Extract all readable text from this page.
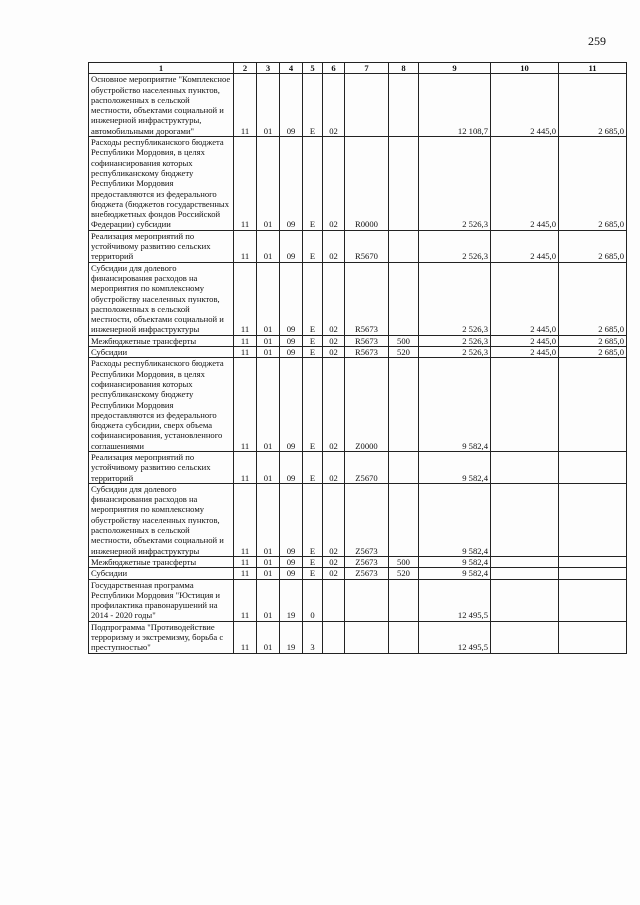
259
1	2	3	4	5	6	7	8	9	10	11
Основное мероприятие "Комплексное обустройство населенных пунктов, расположенных в сельской местности, объектами социальной и инженерной инфраструктуры, автомобильными дорогами"	11	01	09	Е	02			12 108,7	2 445,0	2 685,0
Расходы республиканского бюджета Республики Мордовия, в целях софинансирования которых республиканскому бюджету Республики Мордовия предоставляются из федерального бюджета (бюджетов государственных внебюджетных фондов Российской Федерации) субсидии	11	01	09	Е	02	R0000		2 526,3	2 445,0	2 685,0
Реализация мероприятий по устойчивому развитию сельских территорий	11	01	09	Е	02	R5670		2 526,3	2 445,0	2 685,0
Субсидии для долевого финансирования расходов на мероприятия по комплексному обустройству населенных пунктов, расположенных в сельской местности, объектами социальной и инженерной инфраструктуры	11	01	09	Е	02	R5673		2 526,3	2 445,0	2 685,0
Межбюджетные трансферты	11	01	09	Е	02	R5673	500	2 526,3	2 445,0	2 685,0
Субсидии	11	01	09	Е	02	R5673	520	2 526,3	2 445,0	2 685,0
Расходы республиканского бюджета Республики Мордовия, в целях софинансирования которых республиканскому бюджету Республики Мордовия предоставляются из федерального бюджета субсидии, сверх объема софинансирования, установленного соглашениями	11	01	09	Е	02	Z0000		9 582,4		
Реализация мероприятий по устойчивому развитию сельских территорий	11	01	09	Е	02	Z5670		9 582,4		
Субсидии для долевого финансирования расходов на мероприятия по комплексному обустройству населенных пунктов, расположенных в сельской местности, объектами социальной и инженерной инфраструктуры	11	01	09	Е	02	Z5673		9 582,4		
Межбюджетные трансферты	11	01	09	Е	02	Z5673	500	9 582,4		
Субсидии	11	01	09	Е	02	Z5673	520	9 582,4		
Государственная программа Республики Мордовия "Юстиция и профилактика правонарушений на 2014 - 2020 годы"	11	01	19	0				12 495,5		
Подпрограмма "Противодействие терроризму и экстремизму, борьба с преступностью"	11	01	19	3				12 495,5		
